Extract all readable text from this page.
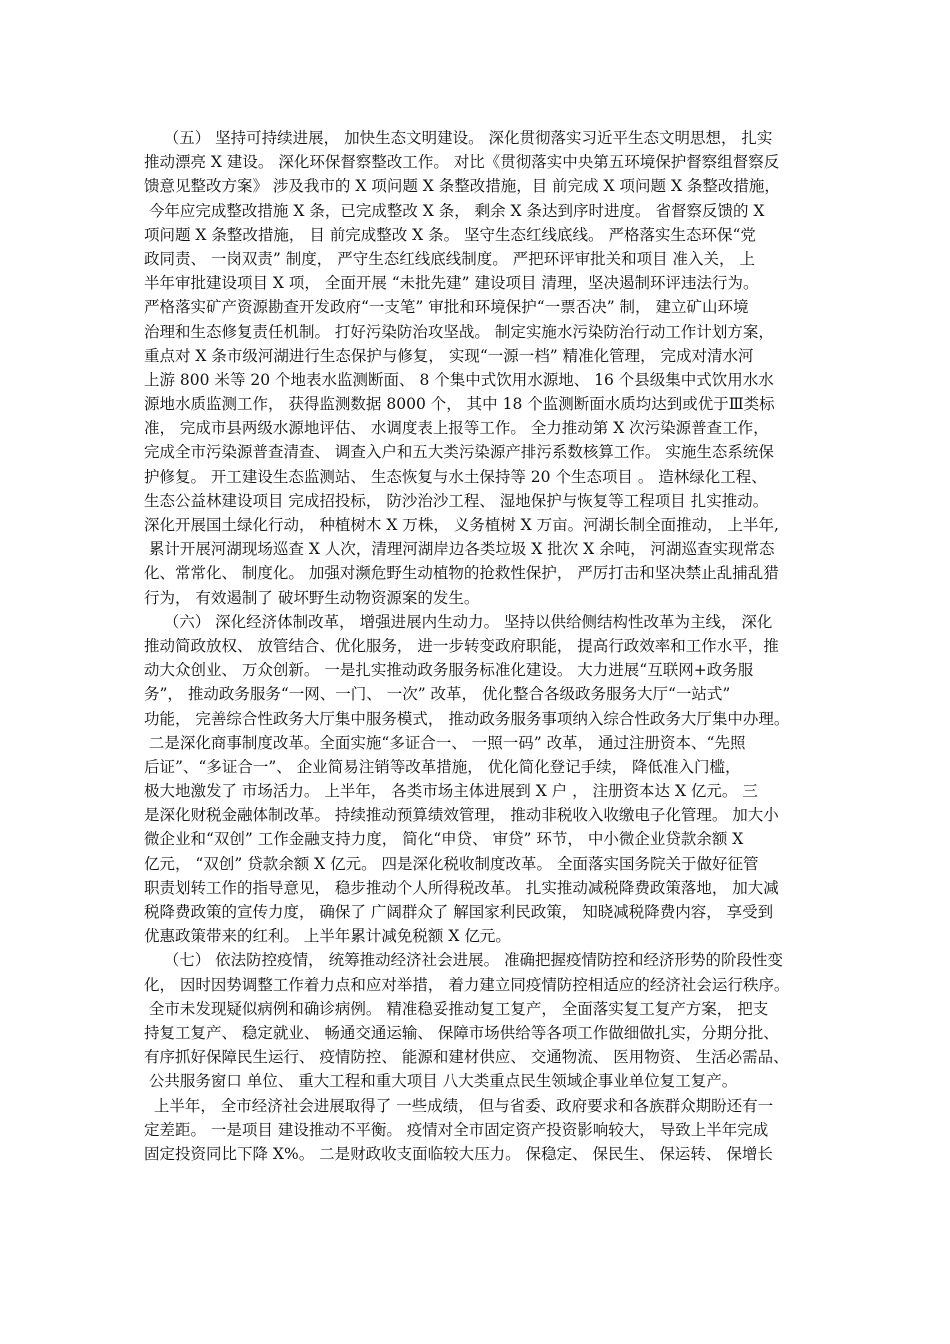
（五） 坚持可持续进展， 加快生态文明建设。 深化贯彻落实习近平生态文明思想， 扎实
推动漂亮 X 建设。 深化环保督察整改工作。 对比《贯彻落实中央第五环境保护督察组督察反
馈意见整改方案》 涉及我市的 X 项问题 X 条整改措施，目 前完成 X 项问题 X 条整改措施，
今年应完成整改措施 X 条，已完成整改 X 条， 剩余 X 条达到序时进度。 省督察反馈的 X
项问题 X 条整改措施， 目 前完成整改 X 条。 坚守生态红线底线。 严格落实生态环保“党
政同责、 一岗双责” 制度， 严守生态红线底线制度。 严把环评审批关和项目 准入关， 上
半年审批建设项目 X 项， 全面开展 “未批先建” 建设项目 清理，坚决遏制环评违法行为。
严格落实矿产资源勘查开发政府“一支笔” 审批和环境保护“一票否决” 制， 建立矿山环境
治理和生态修复责任机制。 打好污染防治攻坚战。 制定实施水污染防治行动工作计划方案，
重点对 X 条市级河湖进行生态保护与修复， 实现“一源一档” 精准化管理， 完成对清水河
上游 800 米等 20 个地表水监测断面、 8 个集中式饮用水源地、 16 个县级集中式饮用水水
源地水质监测工作， 获得监测数据 8000 个， 其中 18 个监测断面水质均达到或优于Ⅲ类标
准， 完成市县两级水源地评估、 水调度表上报等工作。 全力推动第 X 次污染源普查工作，
完成全市污染源普查清查、 调查入户和五大类污染源产排污系数核算工作。 实施生态系统保
护修复。 开工建设生态监测站、 生态恢复与水土保持等 20 个生态项目 。 造林绿化工程、
生态公益林建设项目 完成招投标， 防沙治沙工程、 湿地保护与恢复等工程项目 扎实推动。
深化开展国土绿化行动， 种植树木 X 万株， 义务植树 X 万亩。河湖长制全面推动， 上半年,
累计开展河湖现场巡查 X 人次，清理河湖岸边各类垃圾 X 批次 X 余吨， 河湖巡查实现常态
化、常常化、 制度化。 加强对濒危野生动植物的抢救性保护， 严厉打击和坚决禁止乱捕乱猎
行为， 有效遏制了 破坏野生动物资源案的发生。
（六） 深化经济体制改革， 增强进展内生动力。 坚持以供给侧结构性改革为主线， 深化
推动简政放权、 放管结合、优化服务， 进一步转变政府职能， 提高行政效率和工作水平，推
动大众创业、 万众创新。 一是扎实推动政务服务标准化建设。 大力进展“互联网+政务服
务”， 推动政务服务“一网、一门、 一次” 改革， 优化整合各级政务服务大厅“一站式”
功能， 完善综合性政务大厅集中服务模式， 推动政务服务事项纳入综合性政务大厅集中办理。
二是深化商事制度改革。全面实施“多证合一、 一照一码” 改革， 通过注册资本、“先照
后证”、“多证合一”、 企业简易注销等改革措施， 优化简化登记手续， 降低准入门槛，
极大地激发了 市场活力。 上半年， 各类市场主体进展到 X 户 ， 注册资本达 X 亿元。 三
是深化财税金融体制改革。 持续推动预算绩效管理， 推动非税收入收缴电子化管理。 加大小
微企业和“双创” 工作金融支持力度， 简化“申贷、 审贷” 环节， 中小微企业贷款余额 X
亿元， “双创” 贷款余额 X 亿元。 四是深化税收制度改革。 全面落实国务院关于做好征管
职责划转工作的指导意见， 稳步推动个人所得税改革。 扎实推动减税降费政策落地， 加大减
税降费政策的宣传力度， 确保了 广阔群众了 解国家利民政策， 知晓减税降费内容， 享受到
优惠政策带来的红利。 上半年累计减免税额 X 亿元。
（七） 依法防控疫情， 统筹推动经济社会进展。 准确把握疫情防控和经济形势的阶段性变
化， 因时因势调整工作着力点和应对举措， 着力建立同疫情防控相适应的经济社会运行秩序。
全市未发现疑似病例和确诊病例。 精准稳妥推动复工复产， 全面落实复工复产方案， 把支
持复工复产、 稳定就业、 畅通交通运输、 保障市场供给等各项工作做细做扎实，分期分批、
有序抓好保障民生运行、 疫情防控、 能源和建材供应、 交通物流、 医用物资、 生活必需品、
公共服务窗口 单位、 重大工程和重大项目 八大类重点民生领域企事业单位复工复产。
上半年， 全市经济社会进展取得了 一些成绩， 但与省委、政府要求和各族群众期盼还有一
定差距。 一是项目 建设推动不平衡。 疫情对全市固定资产投资影响较大， 导致上半年完成
固定投资同比下降 X%。 二是财政收支面临较大压力。 保稳定、 保民生、 保运转、 保增长
